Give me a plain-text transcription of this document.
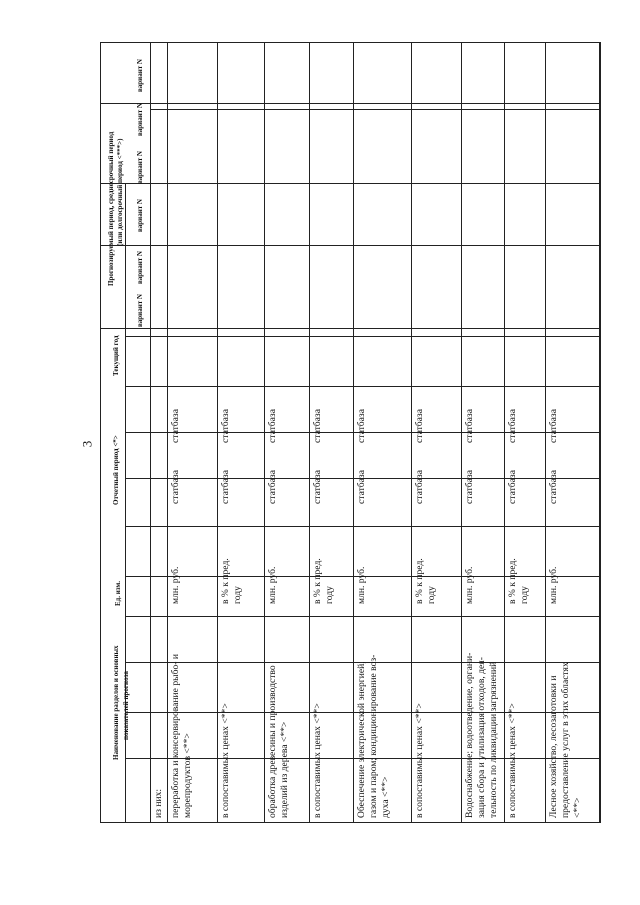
3
Наименование разделов и основных показателей прогноза
Ед. изм.
Отчетный период <*>
Текущий год
Прогнозируемый период, среднесрочный период (или долгосрочный период <***>)
вариант N
вариант N
вариант N
вариант N
вариант N
вариант N
из них: переработка и консервирование рыбо- и морепродуктов <**>
млн. руб.
статбаза
статбаза
в сопоставимых ценах <**>
в % к пред. году
статбаза
статбаза
обработка древесины и производство изделий из дерева <**>
млн. руб.
статбаза
статбаза
в сопоставимых ценах <**>
в % к пред. году
статбаза
статбаза
Обеспечение электрической энергией, газом и паром; кондиционирование воз- духа <**>
млн. руб.
статбаза
статбаза
в сопоставимых ценах <**>
в % к пред. году
статбаза
статбаза
Водоснабжение; водоотведение, органи- зация сбора и утилизация отходов, дея- тельность по ликвидации загрязнений
млн. руб.
статбаза
статбаза
в сопоставимых ценах <**>
в % к пред. году
статбаза
статбаза
Лесное хозяйство, лесозаготовки и предоставление услуг в этих областях <**>
млн. руб.
статбаза
статбаза
